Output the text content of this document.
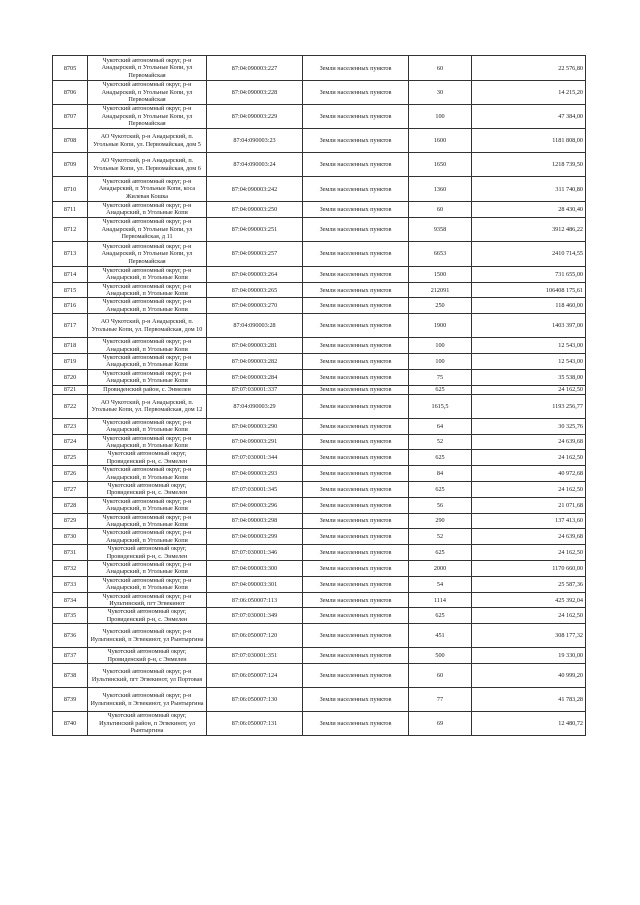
8705	Чукотский автономный округ, р-н Анадырский, п Угольные Копи, ул Первомайская	87:04:090003:227	Земли населенных пунктов	60	22 576,80
8706	Чукотский автономный округ, р-н Анадырский, п Угольные Копи, ул Первомайская	87:04:090003:228	Земли населенных пунктов	30	14 215,20
8707	Чукотский автономный округ, р-н Анадырский, п Угольные Копи, ул Первомайская	87:04:090003:229	Земли населенных пунктов	100	47 384,00
8708	АО Чукотский, р-н Анадырский, п. Угольные Копи, ул. Первомайская, дом 5	87:04:090003:23	Земли населенных пунктов	1600	1181 808,00
8709	АО Чукотский, р-н Анадырский, п. Угольные Копи, ул. Первомайская, дом 6	87:04:090003:24	Земли населенных пунктов	1650	1218 739,50
8710	Чукотский автономный округ, р-н Анадырский, п Угольные Копи, коса Жилевая Кошка	87:04:090003:242	Земли населенных пунктов	1360	311 740,80
8711	Чукотский автономный округ, р-н Анадырский, п Угольные Копи	87:04:090003:250	Земли населенных пунктов	60	28 430,40
8712	Чукотский автономный округ, р-н Анадырский, п Угольные Копи, ул Первомайская, д 11	87:04:090003:251	Земли населенных пунктов	9358	3912 486,22
8713	Чукотский автономный округ, р-н Анадырский, п Угольные Копи, ул Первомайская	87:04:090003:257	Земли населенных пунктов	6653	2410 714,55
8714	Чукотский автономный округ, р-н Анадырский, п Угольные Копи	87:04:090003:264	Земли населенных пунктов	1500	731 655,00
8715	Чукотский автономный округ, р-н Анадырский, п Угольные Копи	87:04:090003:265	Земли населенных пунктов	212091	106408 175,61
8716	Чукотский автономный округ, р-н Анадырский, п Угольные Копи	87:04:090003:270	Земли населенных пунктов	250	118 460,00
8717	АО Чукотский, р-н Анадырский, п. Угольные Копи, ул. Первомайская, дом 10	87:04:090003:28	Земли населенных пунктов	1900	1403 397,00
8718	Чукотский автономный округ, р-н Анадырский, п Угольные Копи	87:04:090003:281	Земли населенных пунктов	100	12 543,00
8719	Чукотский автономный округ, р-н Анадырский, п Угольные Копи	87:04:090003:282	Земли населенных пунктов	100	12 543,00
8720	Чукотский автономный округ, р-н Анадырский, п Угольные Копи	87:04:090003:284	Земли населенных пунктов	75	35 538,00
8721	Провиденский район, с. Энмелен	87:07:030001:337	Земли населенных пунктов	625	24 162,50
8722	АО Чукотский, р-н Анадырский, п. Угольные Копи, ул. Первомайская, дом 12	87:04:090003:29	Земли населенных пунктов	1615,5	1193 256,77
8723	Чукотский автономный округ, р-н Анадырский, п Угольные Копи	87:04:090003:290	Земли населенных пунктов	64	30 325,76
8724	Чукотский автономный округ, р-н Анадырский, п Угольные Копи	87:04:090003:291	Земли населенных пунктов	52	24 639,68
8725	Чукотский автономный округ, Провиденский р-н, с. Энмелен	87:07:030001:344	Земли населенных пунктов	625	24 162,50
8726	Чукотский автономный округ, р-н Анадырский, п Угольные Копи	87:04:090003:293	Земли населенных пунктов	84	40 972,68
8727	Чукотский автономный округ, Провиденский р-н, с. Энмелен	87:07:030001:345	Земли населенных пунктов	625	24 162,50
8728	Чукотский автономный округ, р-н Анадырский, п Угольные Копи	87:04:090003:296	Земли населенных пунктов	56	21 071,68
8729	Чукотский автономный округ, р-н Анадырский, п Угольные Копи	87:04:090003:298	Земли населенных пунктов	290	137 413,60
8730	Чукотский автономный округ, р-н Анадырский, п Угольные Копи	87:04:090003:299	Земли населенных пунктов	52	24 639,68
8731	Чукотский автономный округ, Провиденский р-н, с. Энмелен	87:07:030001:346	Земли населенных пунктов	625	24 162,50
8732	Чукотский автономный округ, р-н Анадырский, п Угольные Копи	87:04:090003:300	Земли населенных пунктов	2000	1170 660,00
8733	Чукотский автономный округ, р-н Анадырский, п Угольные Копи	87:04:090003:301	Земли населенных пунктов	54	25 587,36
8734	Чукотский автономный округ, р-н Иультинский, пгт Эгвекинот	87:06:050007:113	Земли населенных пунктов	1114	425 392,04
8735	Чукотский автономный округ, Провиденский р-н, с. Энмелен	87:07:030001:349	Земли населенных пунктов	625	24 162,50
8736	Чукотский автономный округ, р-н Иультинский, п Эгвекинот, ул Рынтыргина	87:06:050007:120	Земли населенных пунктов	451	308 177,32
8737	Чукотский автономный округ, Провиденский р-н, с Энмелен	87:07:030001:351	Земли населенных пунктов	500	19 330,00
8738	Чукотский автономный округ, р-н Иультинский, пгт Эгвекинот, ул Портовая	87:06:050007:124	Земли населенных пунктов	60	40 999,20
8739	Чукотский автономный округ, р-н Иультинский, п Эгвекинот, ул Рынтыргина	87:06:050007:130	Земли населенных пунктов	77	41 783,28
8740	Чукотский автономный округ, Иультинский район, п Эгвекинот, ул Рынтыргина	87:06:050007:131	Земли населенных пунктов	69	12 480,72
